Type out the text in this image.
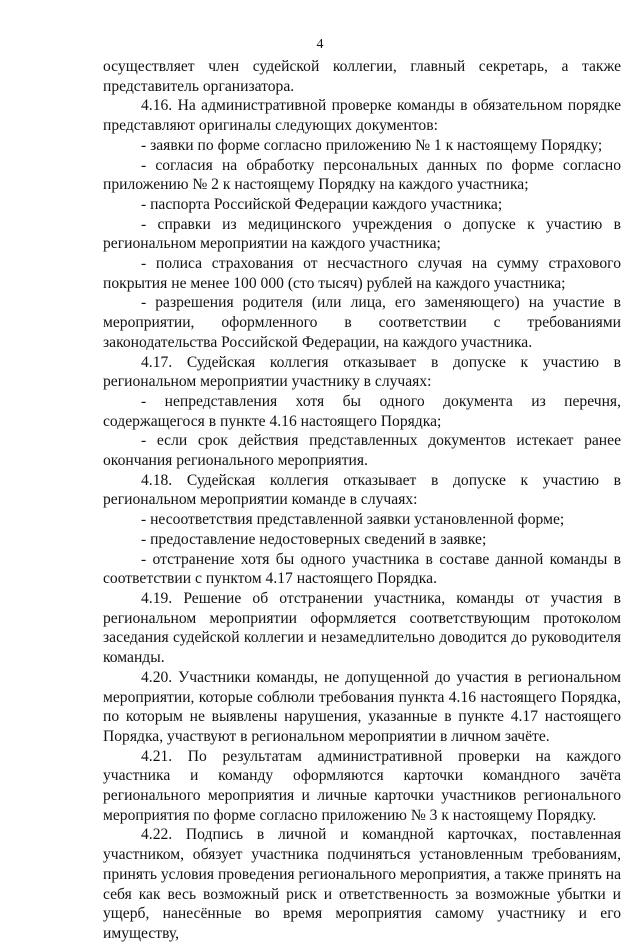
4

осуществляет член судейской коллегии, главный секретарь, а также представитель организатора.

4.16. На административной проверке команды в обязательном порядке представляют оригиналы следующих документов:

- заявки по форме согласно приложению № 1 к настоящему Порядку;

- согласия на обработку персональных данных по форме согласно приложению № 2 к настоящему Порядку на каждого участника;

- паспорта Российской Федерации каждого участника;

- справки из медицинского учреждения о допуске к участию в региональном мероприятии на каждого участника;

- полиса страхования от несчастного случая на сумму страхового покрытия не менее 100 000 (сто тысяч) рублей на каждого участника;

- разрешения родителя (или лица, его заменяющего) на участие в мероприятии, оформленного в соответствии с требованиями законодательства Российской Федерации, на каждого участника.

4.17. Судейская коллегия отказывает в допуске к участию в региональном мероприятии участнику в случаях:

- непредставления хотя бы одного документа из перечня, содержащегося в пункте 4.16 настоящего Порядка;

- если срок действия представленных документов истекает ранее окончания регионального мероприятия.

4.18. Судейская коллегия отказывает в допуске к участию в региональном мероприятии команде в случаях:

- несоответствия представленной заявки установленной форме;

- предоставление недостоверных сведений в заявке;

- отстранение хотя бы одного участника в составе данной команды в соответствии с пунктом 4.17 настоящего Порядка.

4.19. Решение об отстранении участника, команды от участия в региональном мероприятии оформляется соответствующим протоколом заседания судейской коллегии и незамедлительно доводится до руководителя команды.

4.20. Участники команды, не допущенной до участия в региональном мероприятии, которые соблюли требования пункта 4.16 настоящего Порядка, по которым не выявлены нарушения, указанные в пункте 4.17 настоящего Порядка, участвуют в региональном мероприятии в личном зачёте.

4.21. По результатам административной проверки на каждого участника и команду оформляются карточки командного зачёта регионального мероприятия и личные карточки участников регионального мероприятия по форме согласно приложению № 3 к настоящему Порядку.

4.22. Подпись в личной и командной карточках, поставленная участником, обязует участника подчиняться установленным требованиям, принять условия проведения регионального мероприятия, а также принять на себя как весь возможный риск и ответственность за возможные убытки и ущерб, нанесённые во время мероприятия самому участнику и его имуществу,
